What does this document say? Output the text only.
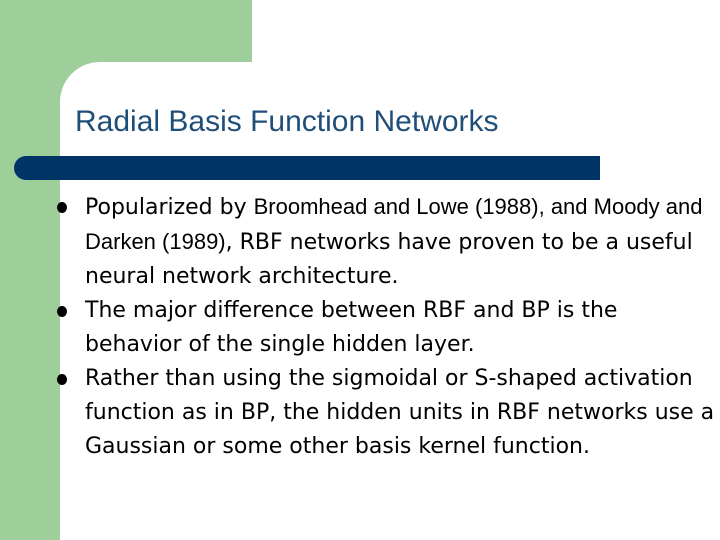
Radial Basis Function Networks
Popularized by Broomhead and Lowe (1988), and Moody and Darken (1989), RBF networks have proven to be a useful neural network architecture.
The major difference between RBF and BP is the behavior of the single hidden layer.
Rather than using the sigmoidal or S-shaped activation function as in BP, the hidden units in RBF networks use a Gaussian or some other basis kernel function.
